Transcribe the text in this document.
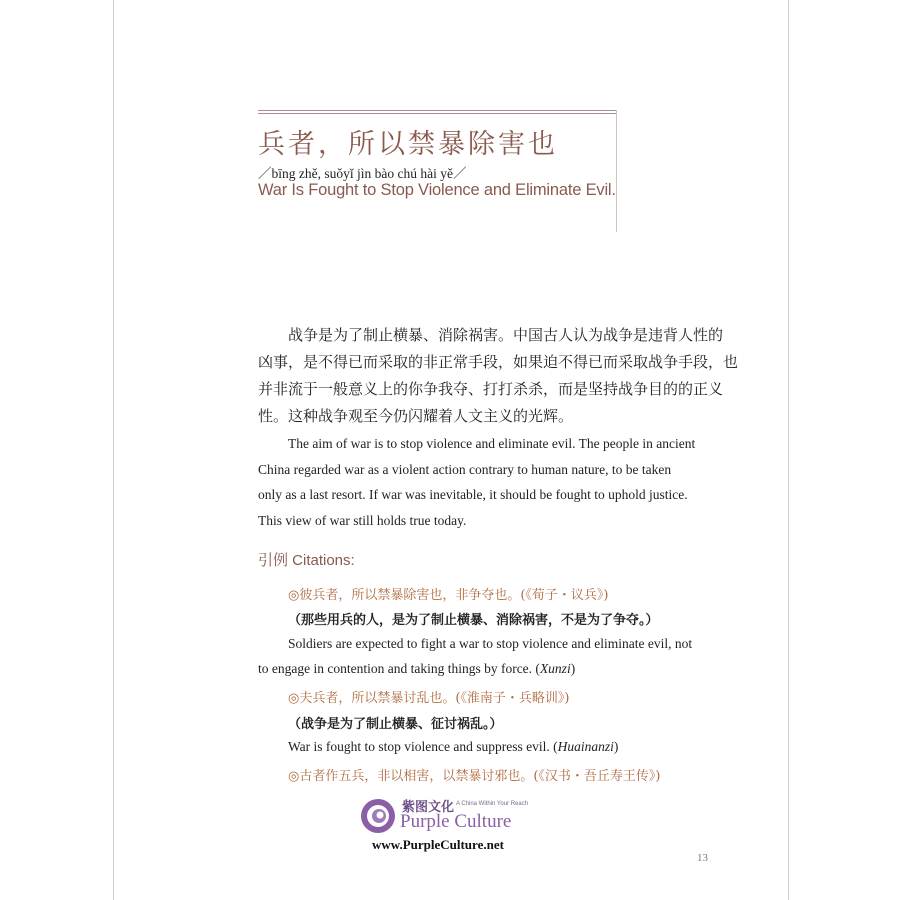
兵者，所以禁暴除害也
／bīng zhě, suǒyǐ jìn bào chú hài yě／
War Is Fought to Stop Violence and Eliminate Evil.
战争是为了制止横暴、消除祸害。中国古人认为战争是违背人性的
凶事，是不得已而采取的非正常手段，如果迫不得已而采取战争手段，也
并非流于一般意义上的你争我夺、打打杀杀，而是坚持战争目的的正义
性。这种战争观至今仍闪耀着人文主义的光辉。
The aim of war is to stop violence and eliminate evil. The people in ancient
China regarded war as a violent action contrary to human nature, to be taken
only as a last resort. If war was inevitable, it should be fought to uphold justice.
This view of war still holds true today.
引例 Citations:
◎彼兵者，所以禁暴除害也，非争夺也。(《荀子・议兵》)
（那些用兵的人，是为了制止横暴、消除祸害，不是为了争夺。）
Soldiers are expected to fight a war to stop violence and eliminate evil, not
to engage in contention and taking things by force. (Xunzi)
◎夫兵者，所以禁暴讨乱也。(《淮南子・兵略训》)
（战争是为了制止横暴、征讨祸乱。）
War is fought to stop violence and suppress evil. (Huainanzi)
◎古者作五兵，非以相害，以禁暴讨邪也。(《汉书・吾丘寿王传》)
紫图文化 A China Within Your Reach
Purple Culture
www.PurpleCulture.net
13
